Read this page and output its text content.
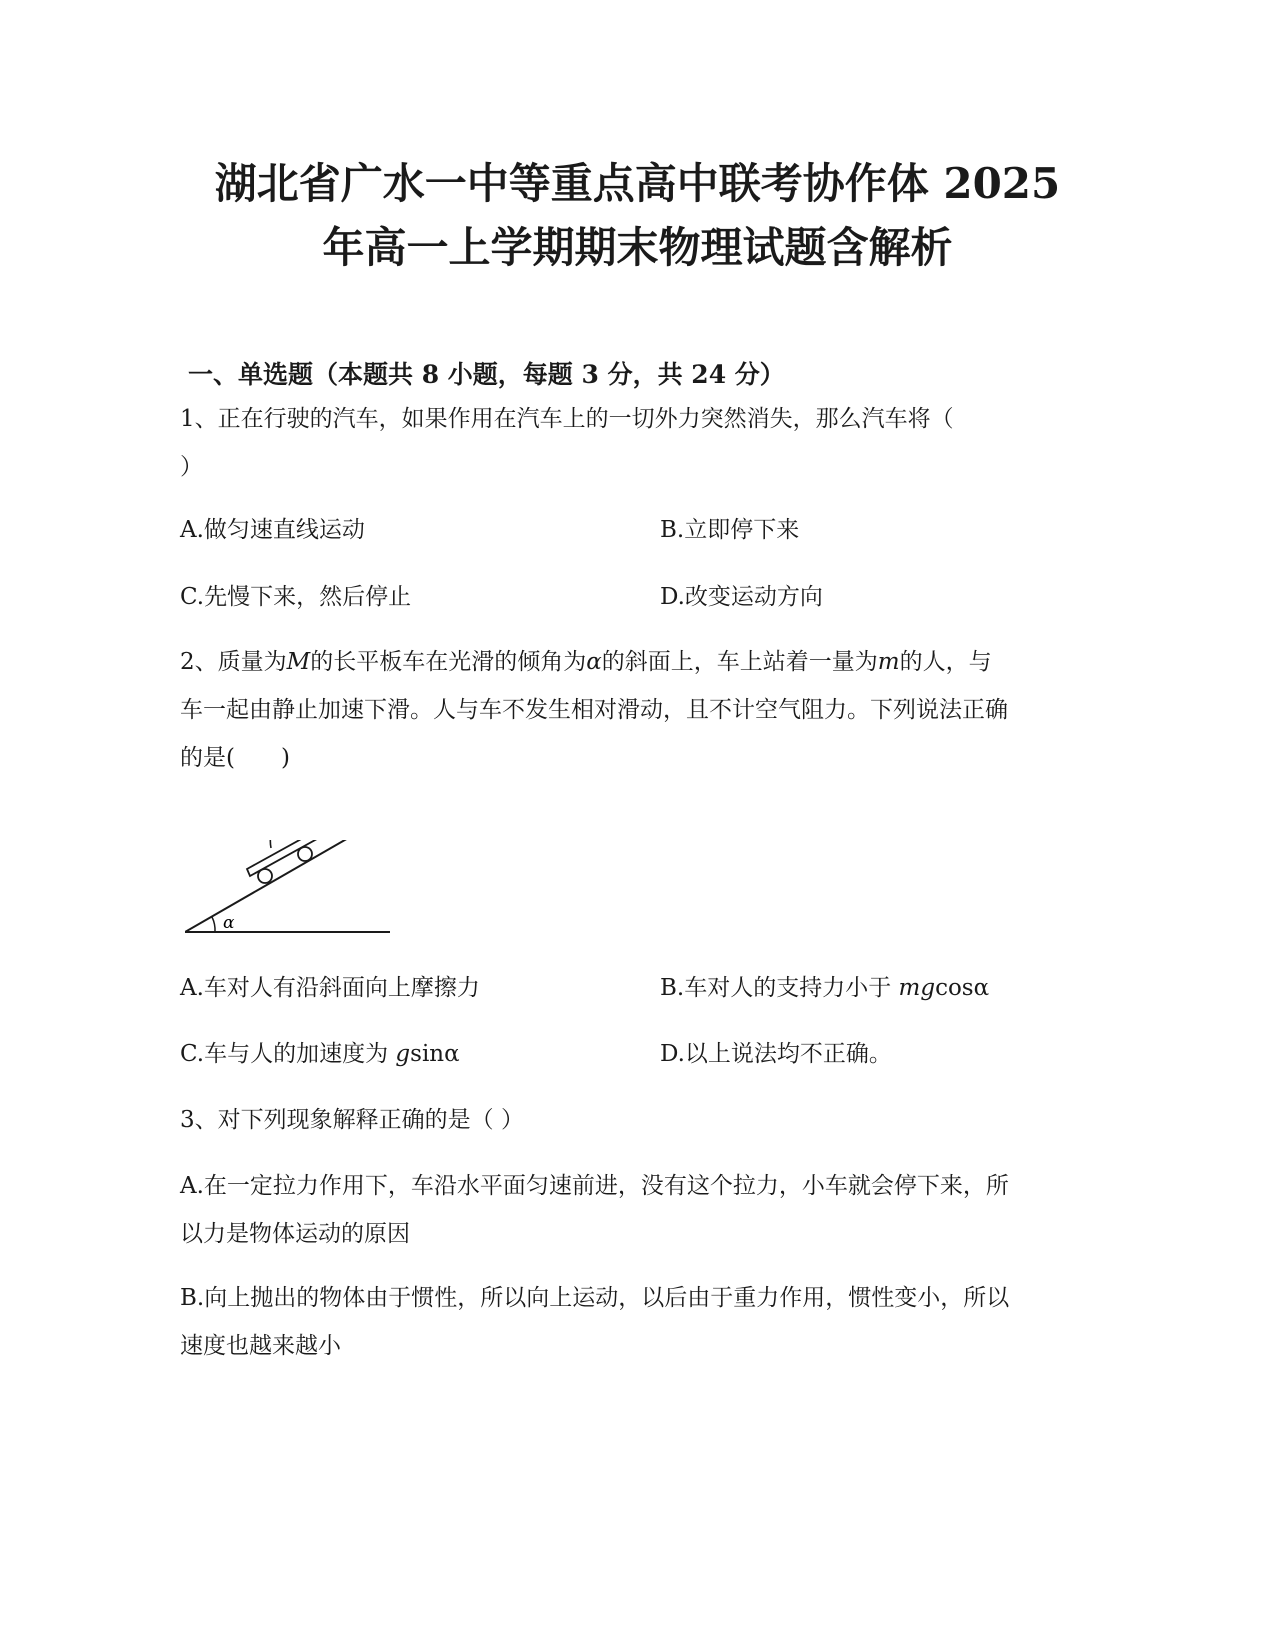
湖北省广水一中等重点高中联考协作体 2025
年高一上学期期末物理试题含解析
一、单选题（本题共 8 小题，每题 3 分，共 24 分）
1、正在行驶的汽车，如果作用在汽车上的一切外力突然消失，那么汽车将（
）
A.做匀速直线运动	B.立即停下来
C.先慢下来，然后停止	D.改变运动方向
2、质量为M的长平板车在光滑的倾角为α的斜面上，车上站着一量为m的人，与
车一起由静止加速下滑。人与车不发生相对滑动，且不计空气阻力。下列说法正确
的是(　　)
α
A.车对人有沿斜面向上摩擦力	B.车对人的支持力小于 mgcosα
C.车与人的加速度为 gsinα	D.以上说法均不正确。
3、对下列现象解释正确的是（ ）
A.在一定拉力作用下，车沿水平面匀速前进，没有这个拉力，小车就会停下来，所
以力是物体运动的原因
B.向上抛出的物体由于惯性，所以向上运动，以后由于重力作用，惯性变小，所以
速度也越来越小
